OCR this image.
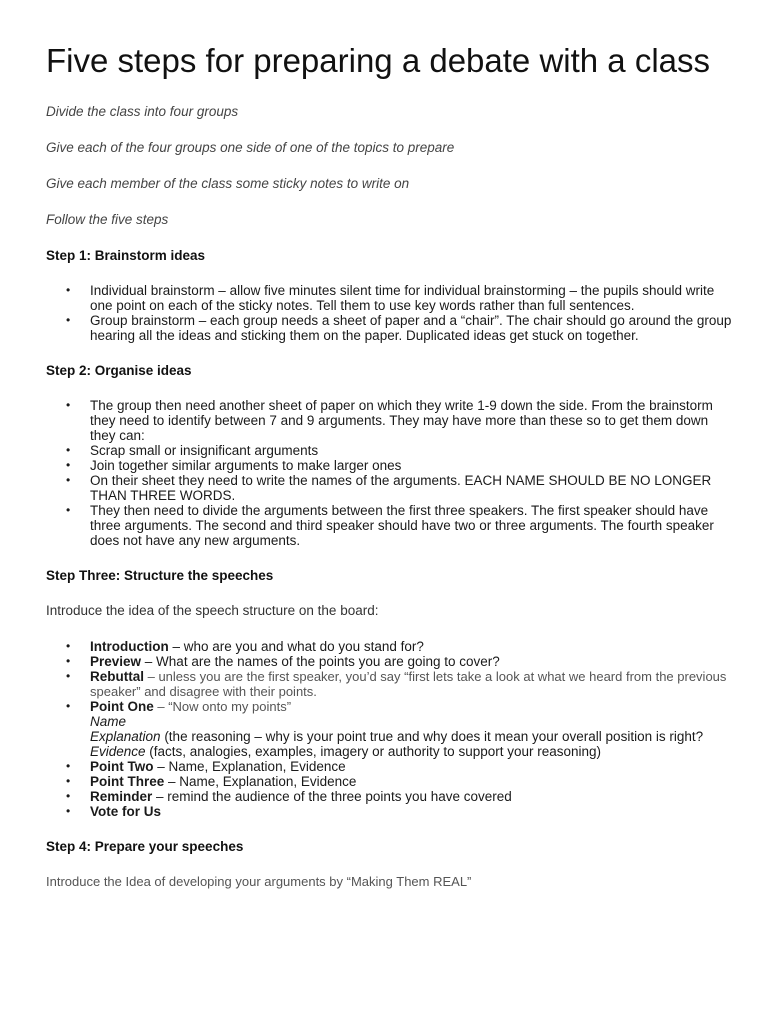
Five steps for preparing a debate with a class

Divide the class into four groups

Give each of the four groups one side of one of the topics to prepare

Give each member of the class some sticky notes to write on

Follow the five steps

Step 1: Brainstorm ideas

• Individual brainstorm – allow five minutes silent time for individual brainstorming – the pupils should write one point on each of the sticky notes. Tell them to use key words rather than full sentences.
• Group brainstorm – each group needs a sheet of paper and a “chair”. The chair should go around the group hearing all the ideas and sticking them on the paper. Duplicated ideas get stuck on together.

Step 2: Organise ideas

• The group then need another sheet of paper on which they write 1-9 down the side. From the brainstorm they need to identify between 7 and 9 arguments. They may have more than these so to get them down they can:
• Scrap small or insignificant arguments
• Join together similar arguments to make larger ones
• On their sheet they need to write the names of the arguments. EACH NAME SHOULD BE NO LONGER THAN THREE WORDS.
• They then need to divide the arguments between the first three speakers. The first speaker should have three arguments. The second and third speaker should have two or three arguments. The fourth speaker does not have any new arguments.

Step Three: Structure the speeches

Introduce the idea of the speech structure on the board:

• Introduction – who are you and what do you stand for?
• Preview – What are the names of the points you are going to cover?
• Rebuttal – unless you are the first speaker, you’d say “first lets take a look at what we heard from the previous speaker” and disagree with their points.
• Point One – “Now onto my points”
Name
Explanation (the reasoning – why is your point true and why does it mean your overall position is right?
Evidence (facts, analogies, examples, imagery or authority to support your reasoning)
• Point Two – Name, Explanation, Evidence
• Point Three – Name, Explanation, Evidence
• Reminder – remind the audience of the three points you have covered
• Vote for Us

Step 4: Prepare your speeches

Introduce the Idea of developing your arguments by “Making Them REAL”
